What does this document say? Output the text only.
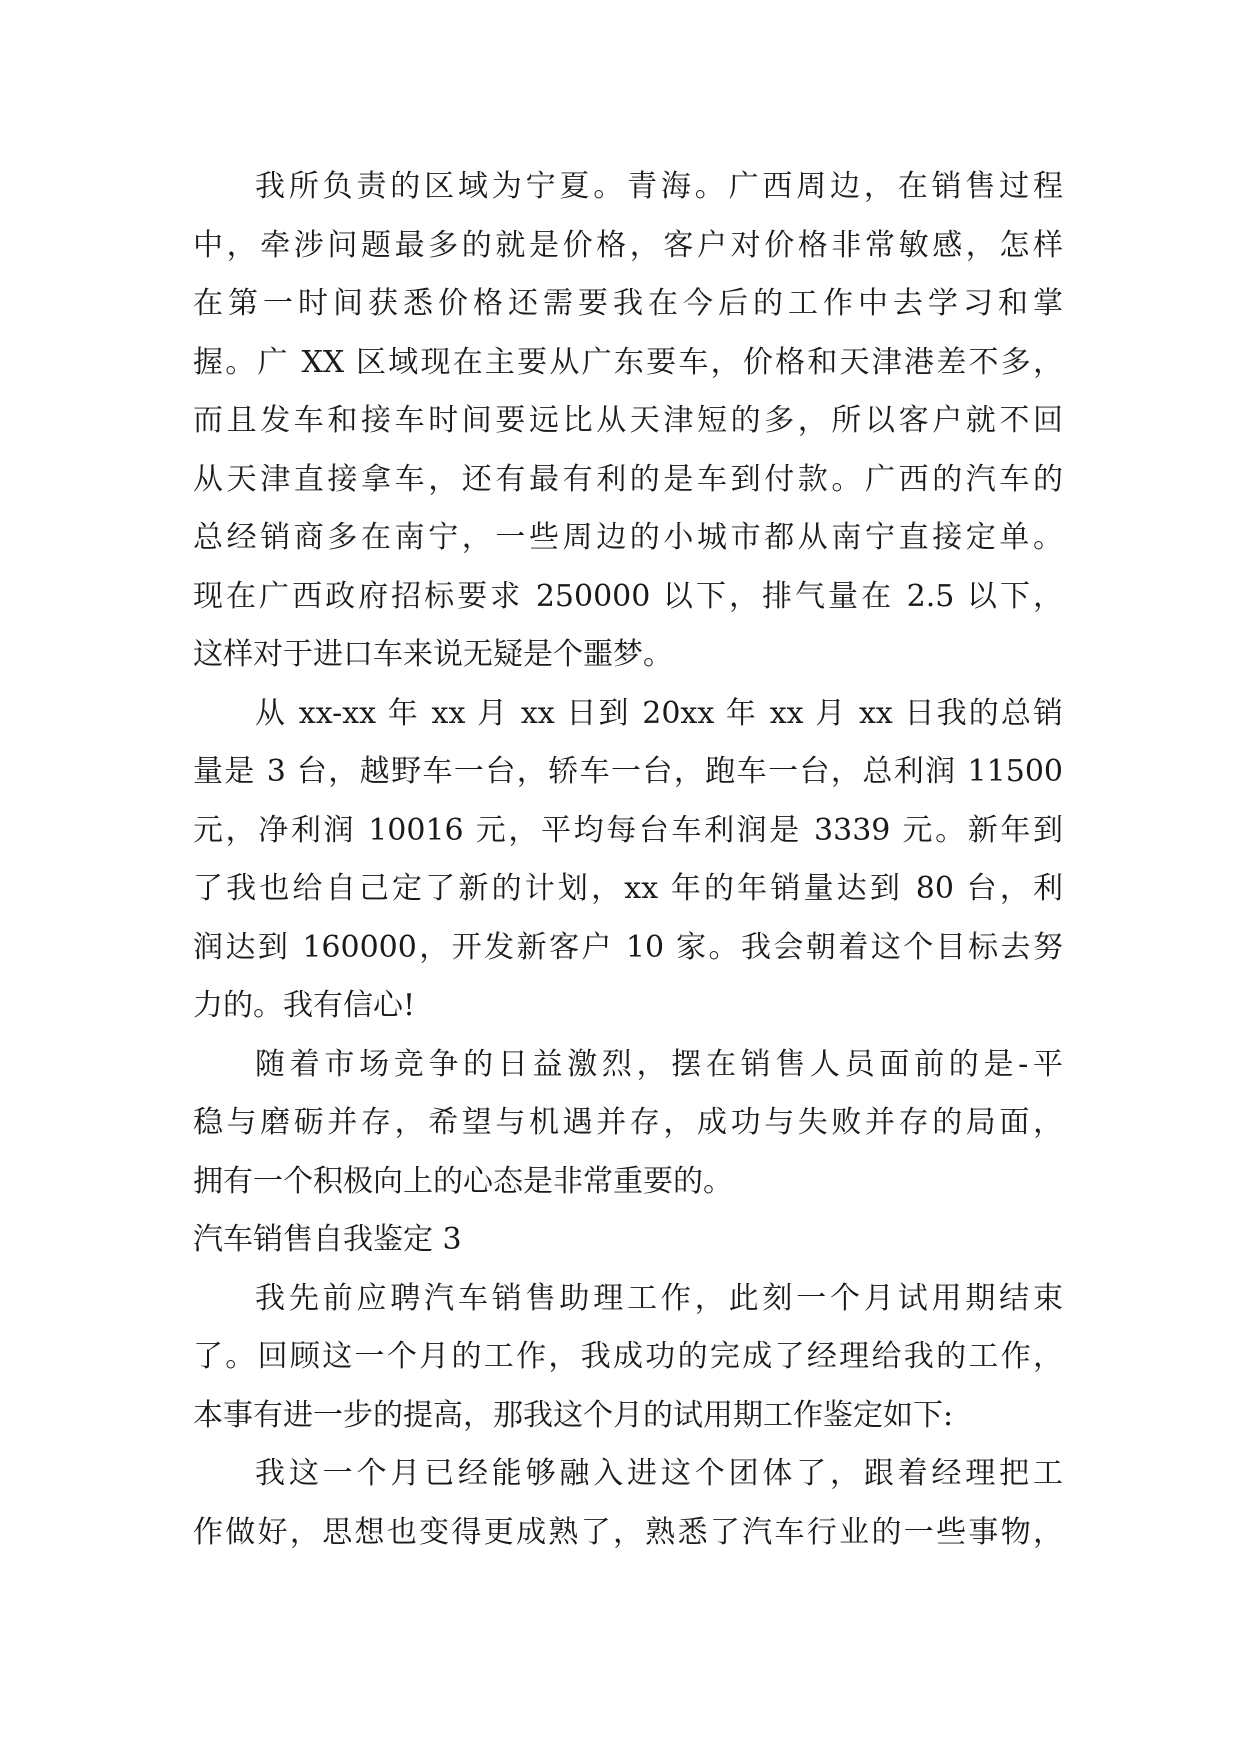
我所负责的区域为宁夏。青海。广西周边，在销售过程
中，牵涉问题最多的就是价格，客户对价格非常敏感，怎样
在第一时间获悉价格还需要我在今后的工作中去学习和掌
握。广 XX 区域现在主要从广东要车，价格和天津港差不多，
而且发车和接车时间要远比从天津短的多，所以客户就不回
从天津直接拿车，还有最有利的是车到付款。广西的汽车的
总经销商多在南宁，一些周边的小城市都从南宁直接定单。
现在广西政府招标要求 250000 以下，排气量在 2.5 以下，
这样对于进口车来说无疑是个噩梦。
从 xx-xx 年 xx 月 xx 日到 20xx 年 xx 月 xx 日我的总销
量是 3 台，越野车一台，轿车一台，跑车一台，总利润 11500
元，净利润 10016 元，平均每台车利润是 3339 元。新年到
了我也给自己定了新的计划，xx 年的年销量达到 80 台，利
润达到 160000，开发新客户 10 家。我会朝着这个目标去努
力的。我有信心!
随着市场竞争的日益激烈，摆在销售人员面前的是-平
稳与磨砺并存，希望与机遇并存，成功与失败并存的局面，
拥有一个积极向上的心态是非常重要的。
汽车销售自我鉴定 3
我先前应聘汽车销售助理工作，此刻一个月试用期结束
了。回顾这一个月的工作，我成功的完成了经理给我的工作，
本事有进一步的提高，那我这个月的试用期工作鉴定如下:
我这一个月已经能够融入进这个团体了，跟着经理把工
作做好，思想也变得更成熟了，熟悉了汽车行业的一些事物，
